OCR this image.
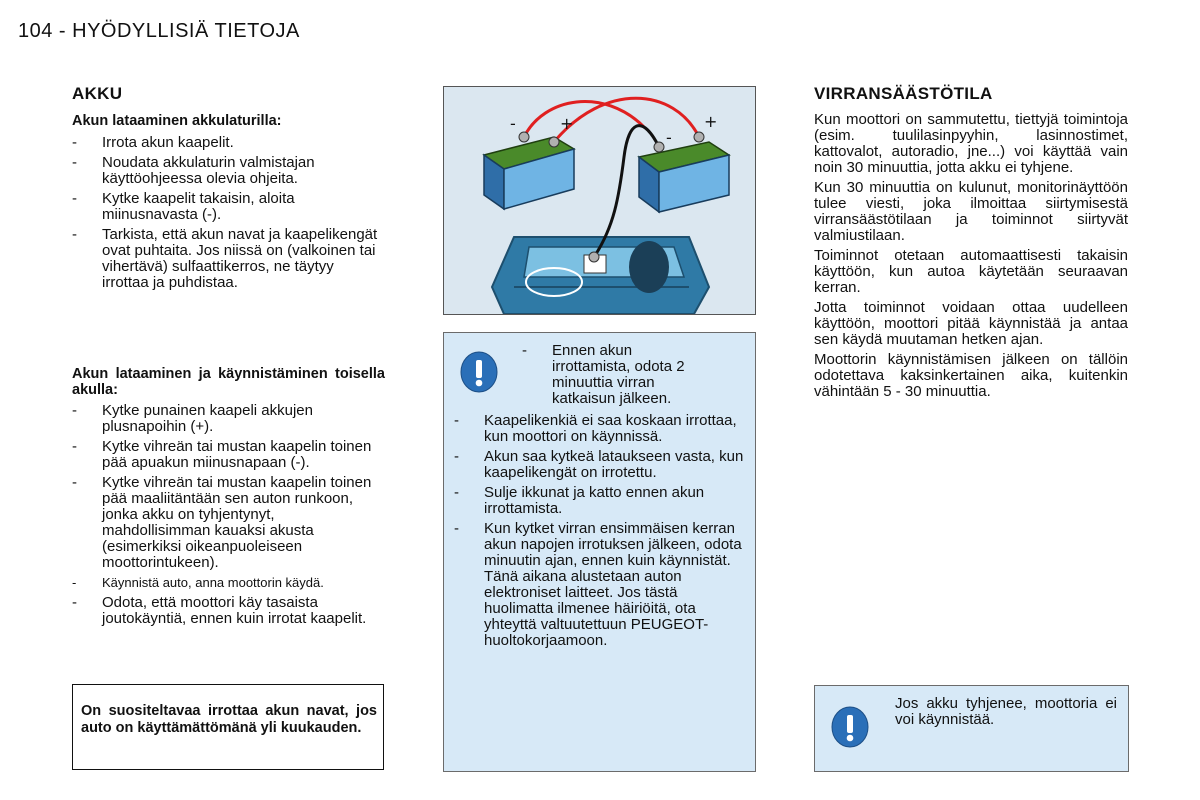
104 - HYÖDYLLISIÄ TIETOJA
AKKU
Akun lataaminen akkulaturilla:
- Irrota akun kaapelit.
- Noudata akkulaturin valmistajan käyttöohjeessa olevia ohjeita.
- Kytke kaapelit takaisin, aloita miinusnavasta (-).
- Tarkista, että akun navat ja kaapelikengät ovat puhtaita. Jos niissä on (valkoinen tai vihertävä) sulfaattikerros, ne täytyy irrottaa ja puhdistaa.
Akun lataaminen ja käynnistäminen toisella akulla:
- Kytke punainen kaapeli akkujen plusnapoihin (+).
- Kytke vihreän tai mustan kaapelin toinen pää apuakun miinusnapaan (-).
- Kytke vihreän tai mustan kaapelin toinen pää maaliitäntään sen auton runkoon, jonka akku on tyhjentynyt, mahdollisimman kauaksi akusta (esimerkiksi oikeanpuoleiseen moottorintukeen).
- Käynnistä auto, anna moottorin käydä.
- Odota, että moottori käy tasaista joutokäyntiä, ennen kuin irrotat kaapelit.

On suositeltavaa irrottaa akun navat, jos auto on käyttämättömänä yli kuukauden.

+	+
-
-
- Ennen akun irrottamista, odota 2 minuuttia virran katkaisun jälkeen.
- Kaapelikenkiä ei saa koskaan irrottaa, kun moottori on käynnissä.
- Akun saa kytkeä lataukseen vasta, kun kaapelikengät on irrotettu.
- Sulje ikkunat ja katto ennen akun irrottamista.
- Kun kytket virran ensimmäisen kerran akun napojen irrotuksen jälkeen, odota minuutin ajan, ennen kuin käynnistät. Tänä aikana alustetaan auton elektroniset laitteet. Jos tästä huolimatta ilmenee häiriöitä, ota yhteyttä valtuutettuun PEUGEOT-huoltokorjaamoon.
VIRRANSÄÄSTÖTILA

Kun moottori on sammutettu, tiettyjä toimintoja (esim. tuulilasinpyyhin, lasinnostimet, kattovalot, autoradio, jne...) voi käyttää vain noin 30 minuuttia, jotta akku ei tyhjene.

Kun 30 minuuttia on kulunut, monitorinäyttöön tulee viesti, joka ilmoittaa siirtymisestä virransäästötilaan ja toiminnot siirtyvät valmiustilaan.

Toiminnot otetaan automaattisesti takaisin käyttöön, kun autoa käytetään seuraavan kerran.

Jotta toiminnot voidaan ottaa uudelleen käyttöön, moottori pitää käynnistää ja antaa sen käydä muutaman hetken ajan.

Moottorin käynnistämisen jälkeen on tällöin odotettava kaksinkertainen aika, kuitenkin vähintään 5 - 30 minuuttia.

Jos akku tyhjenee, moottoria ei voi käynnistää.
